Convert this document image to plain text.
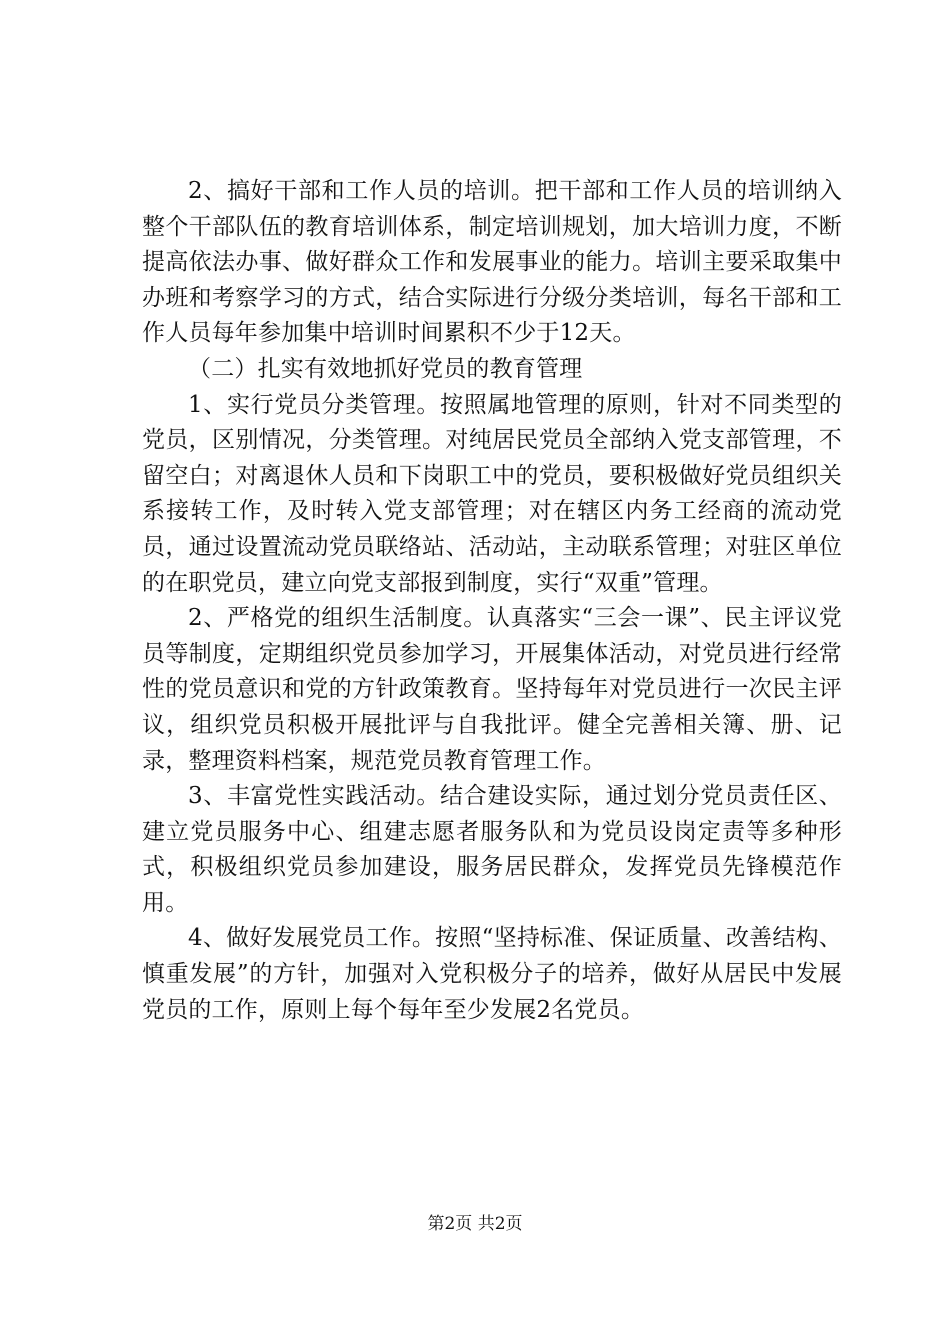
2、搞好干部和工作人员的培训。把干部和工作人员的培训纳入整个干部队伍的教育培训体系，制定培训规划，加大培训力度，不断提高依法办事、做好群众工作和发展事业的能力。培训主要采取集中办班和考察学习的方式，结合实际进行分级分类培训，每名干部和工作人员每年参加集中培训时间累积不少于12天。

（二）扎实有效地抓好党员的教育管理

1、实行党员分类管理。按照属地管理的原则，针对不同类型的党员，区别情况，分类管理。对纯居民党员全部纳入党支部管理，不留空白；对离退休人员和下岗职工中的党员，要积极做好党员组织关系接转工作，及时转入党支部管理；对在辖区内务工经商的流动党员，通过设置流动党员联络站、活动站，主动联系管理；对驻区单位的在职党员，建立向党支部报到制度，实行“双重”管理。

2、严格党的组织生活制度。认真落实“三会一课”、民主评议党员等制度，定期组织党员参加学习，开展集体活动，对党员进行经常性的党员意识和党的方针政策教育。坚持每年对党员进行一次民主评议，组织党员积极开展批评与自我批评。健全完善相关簿、册、记录，整理资料档案，规范党员教育管理工作。

3、丰富党性实践活动。结合建设实际，通过划分党员责任区、建立党员服务中心、组建志愿者服务队和为党员设岗定责等多种形式，积极组织党员参加建设，服务居民群众，发挥党员先锋模范作用。

4、做好发展党员工作。按照“坚持标准、保证质量、改善结构、慎重发展”的方针，加强对入党积极分子的培养，做好从居民中发展党员的工作，原则上每个每年至少发展2名党员。

第2页 共2页
